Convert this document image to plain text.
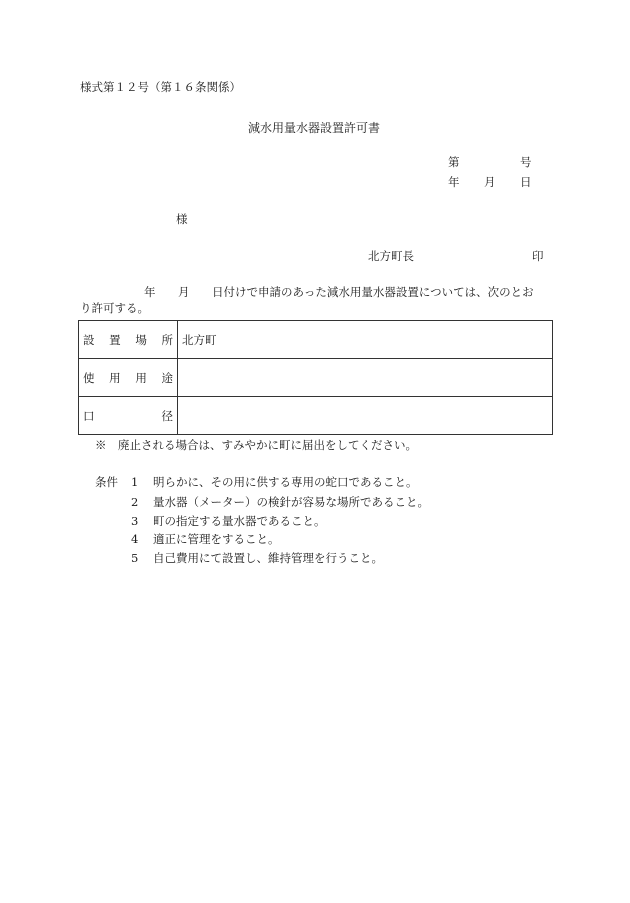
様式第１２号（第１６条関係）
減水用量水器設置許可書
第	号
年 月 日
様
北方町長	印
年 月 日付けで申請のあった減水用量水器設置については、次のとお
り許可する。
設 置 場 所	北方町

使 用 用 途	

口 径	

※　廃止される場合は、すみやかに町に届出をしてください。
条件 1 明らかに、その用に供する専用の蛇口であること。
2 量水器（メーター）の検針が容易な場所であること。
3 町の指定する量水器であること。
4 適正に管理をすること。
5 自己費用にて設置し、維持管理を行うこと。
